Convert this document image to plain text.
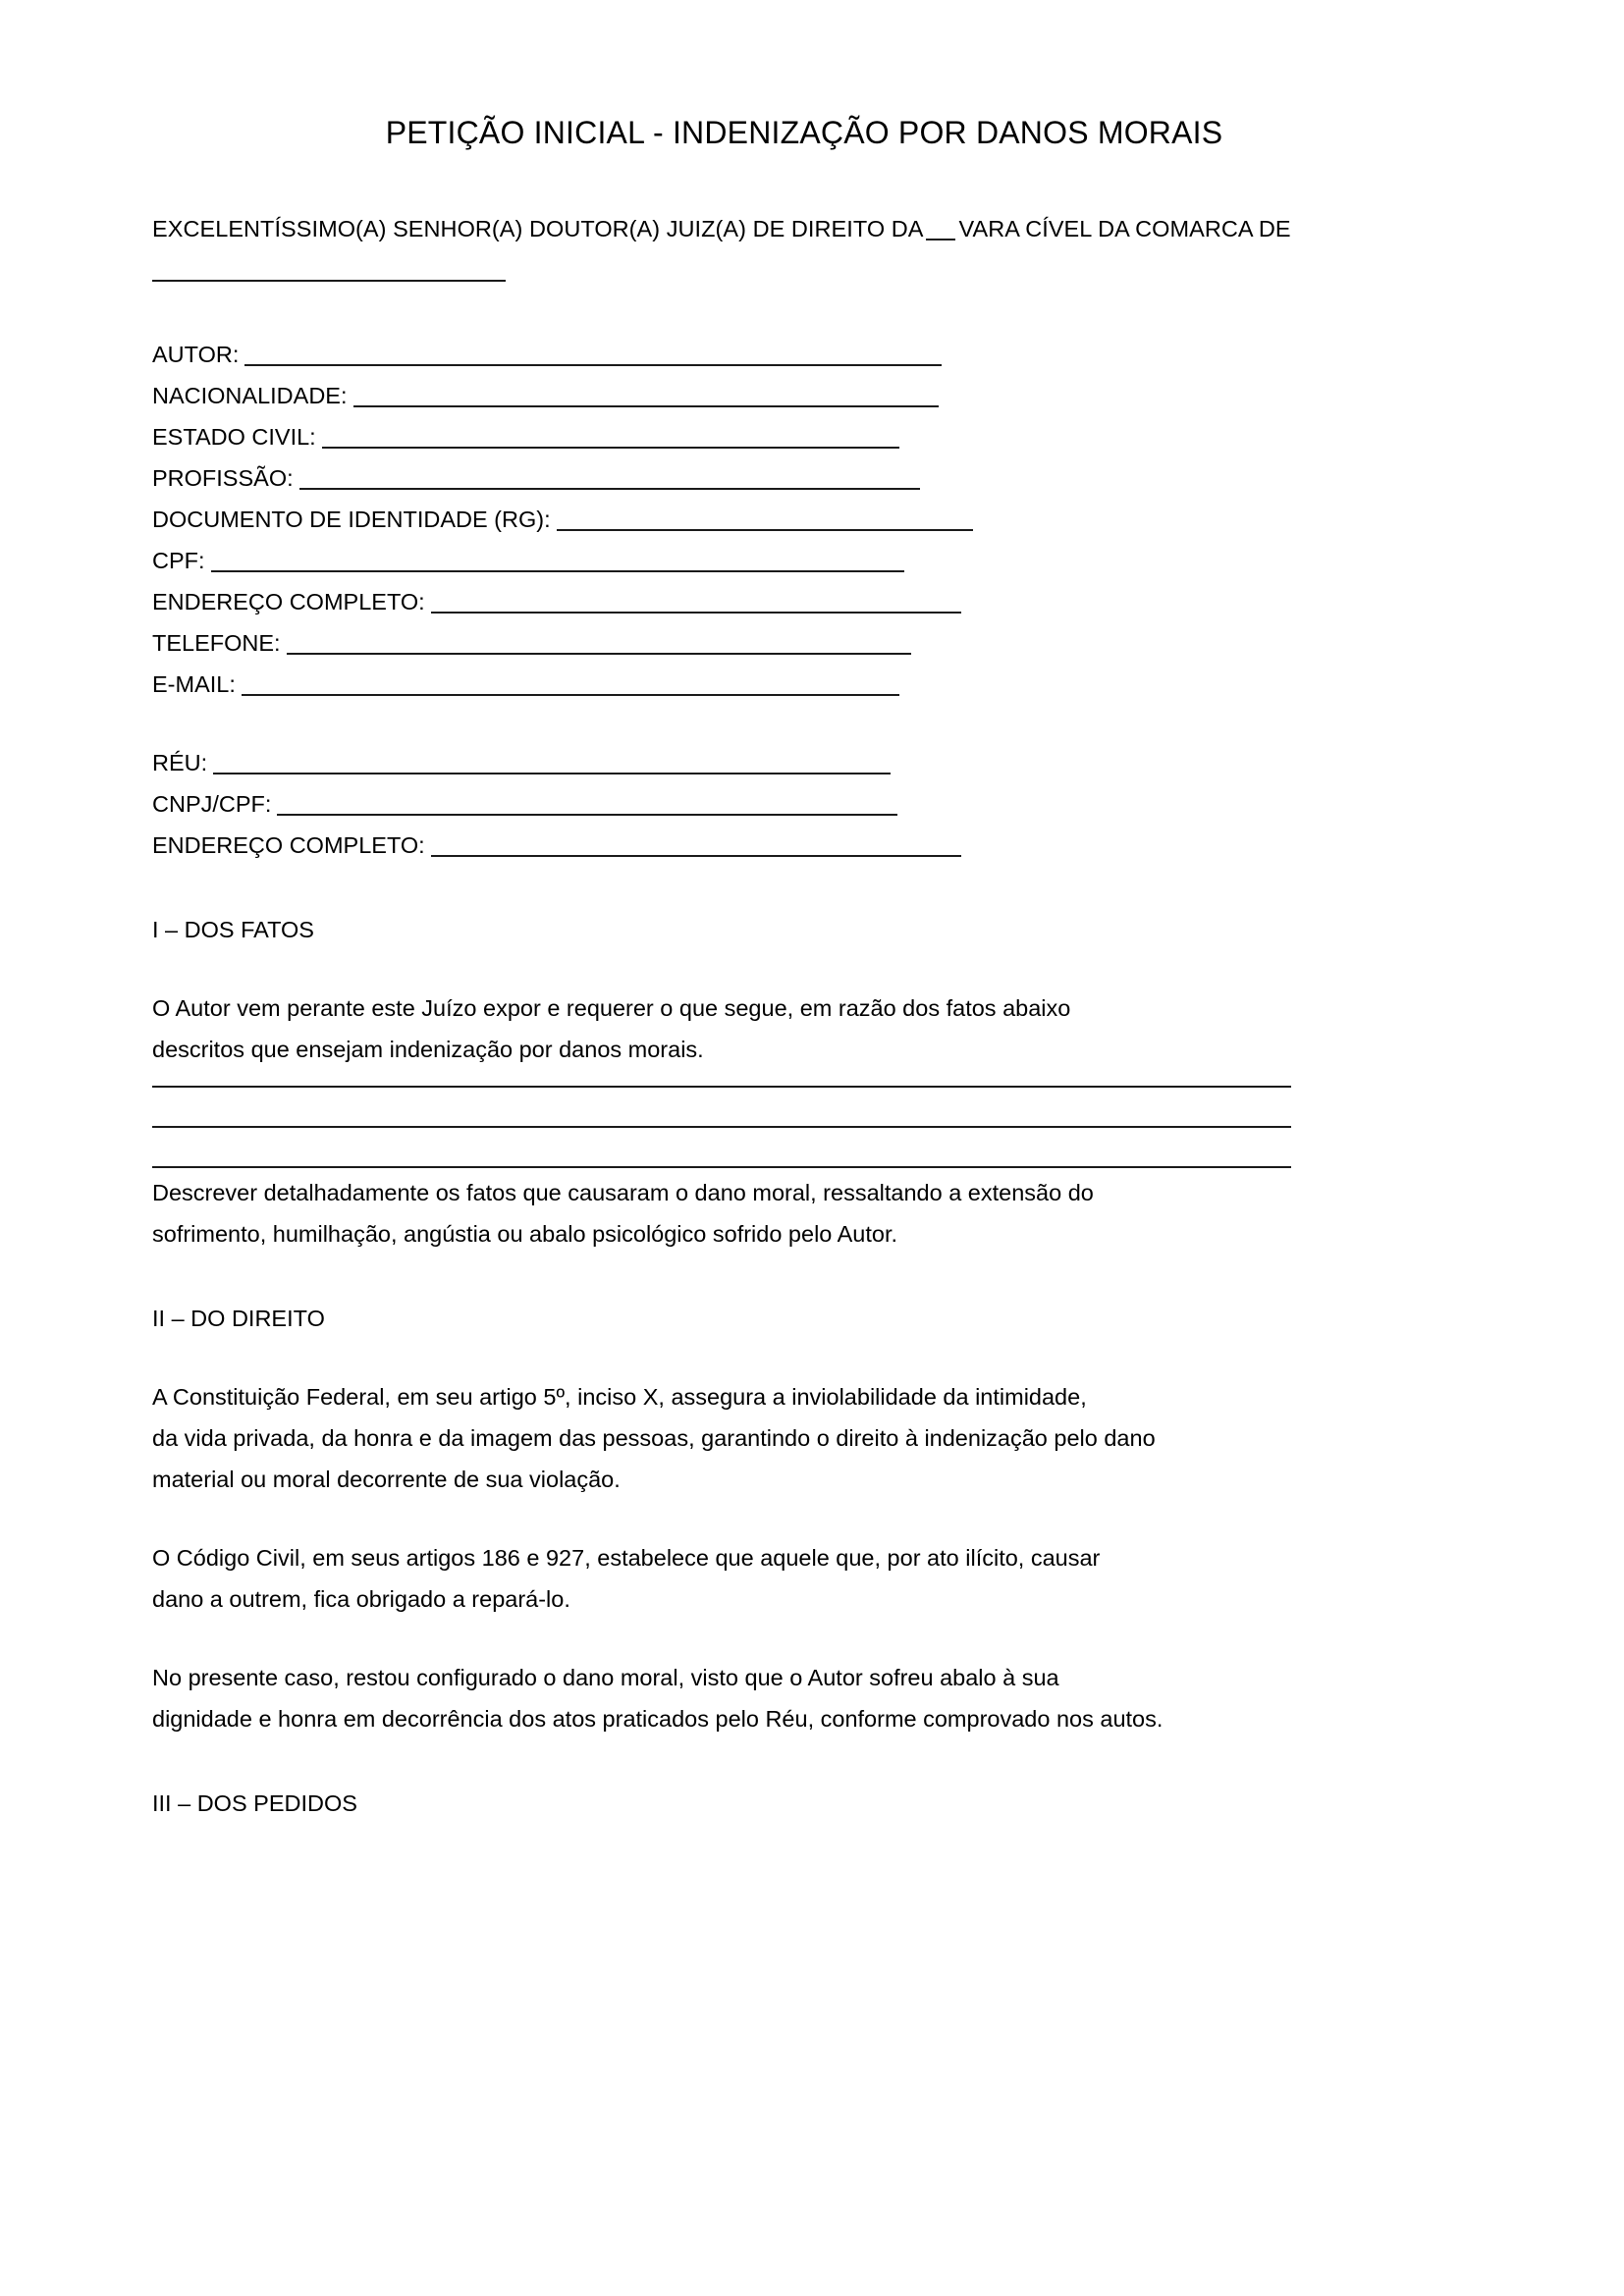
PETIÇÃO INICIAL - INDENIZAÇÃO POR DANOS MORAIS
EXCELENTÍSSIMO(A) SENHOR(A) DOUTOR(A) JUIZ(A) DE DIREITO DA VARA CÍVEL DA COMARCA DE
AUTOR:
NACIONALIDADE:
ESTADO CIVIL:
PROFISSÃO:
DOCUMENTO DE IDENTIDADE (RG):
CPF:
ENDEREÇO COMPLETO:
TELEFONE:
E-MAIL:
RÉU:
CNPJ/CPF:
ENDEREÇO COMPLETO:
I – DOS FATOS

O Autor vem perante este Juízo expor e requerer o que segue, em razão dos fatos abaixo
descritos que ensejam indenização por danos morais.

Descrever detalhadamente os fatos que causaram o dano moral, ressaltando a extensão do
sofrimento, humilhação, angústia ou abalo psicológico sofrido pelo Autor.

II – DO DIREITO

A Constituição Federal, em seu artigo 5º, inciso X, assegura a inviolabilidade da intimidade,
da vida privada, da honra e da imagem das pessoas, garantindo o direito à indenização pelo dano
material ou moral decorrente de sua violação.

O Código Civil, em seus artigos 186 e 927, estabelece que aquele que, por ato ilícito, causar
dano a outrem, fica obrigado a repará-lo.

No presente caso, restou configurado o dano moral, visto que o Autor sofreu abalo à sua
dignidade e honra em decorrência dos atos praticados pelo Réu, conforme comprovado nos autos.

III – DOS PEDIDOS
